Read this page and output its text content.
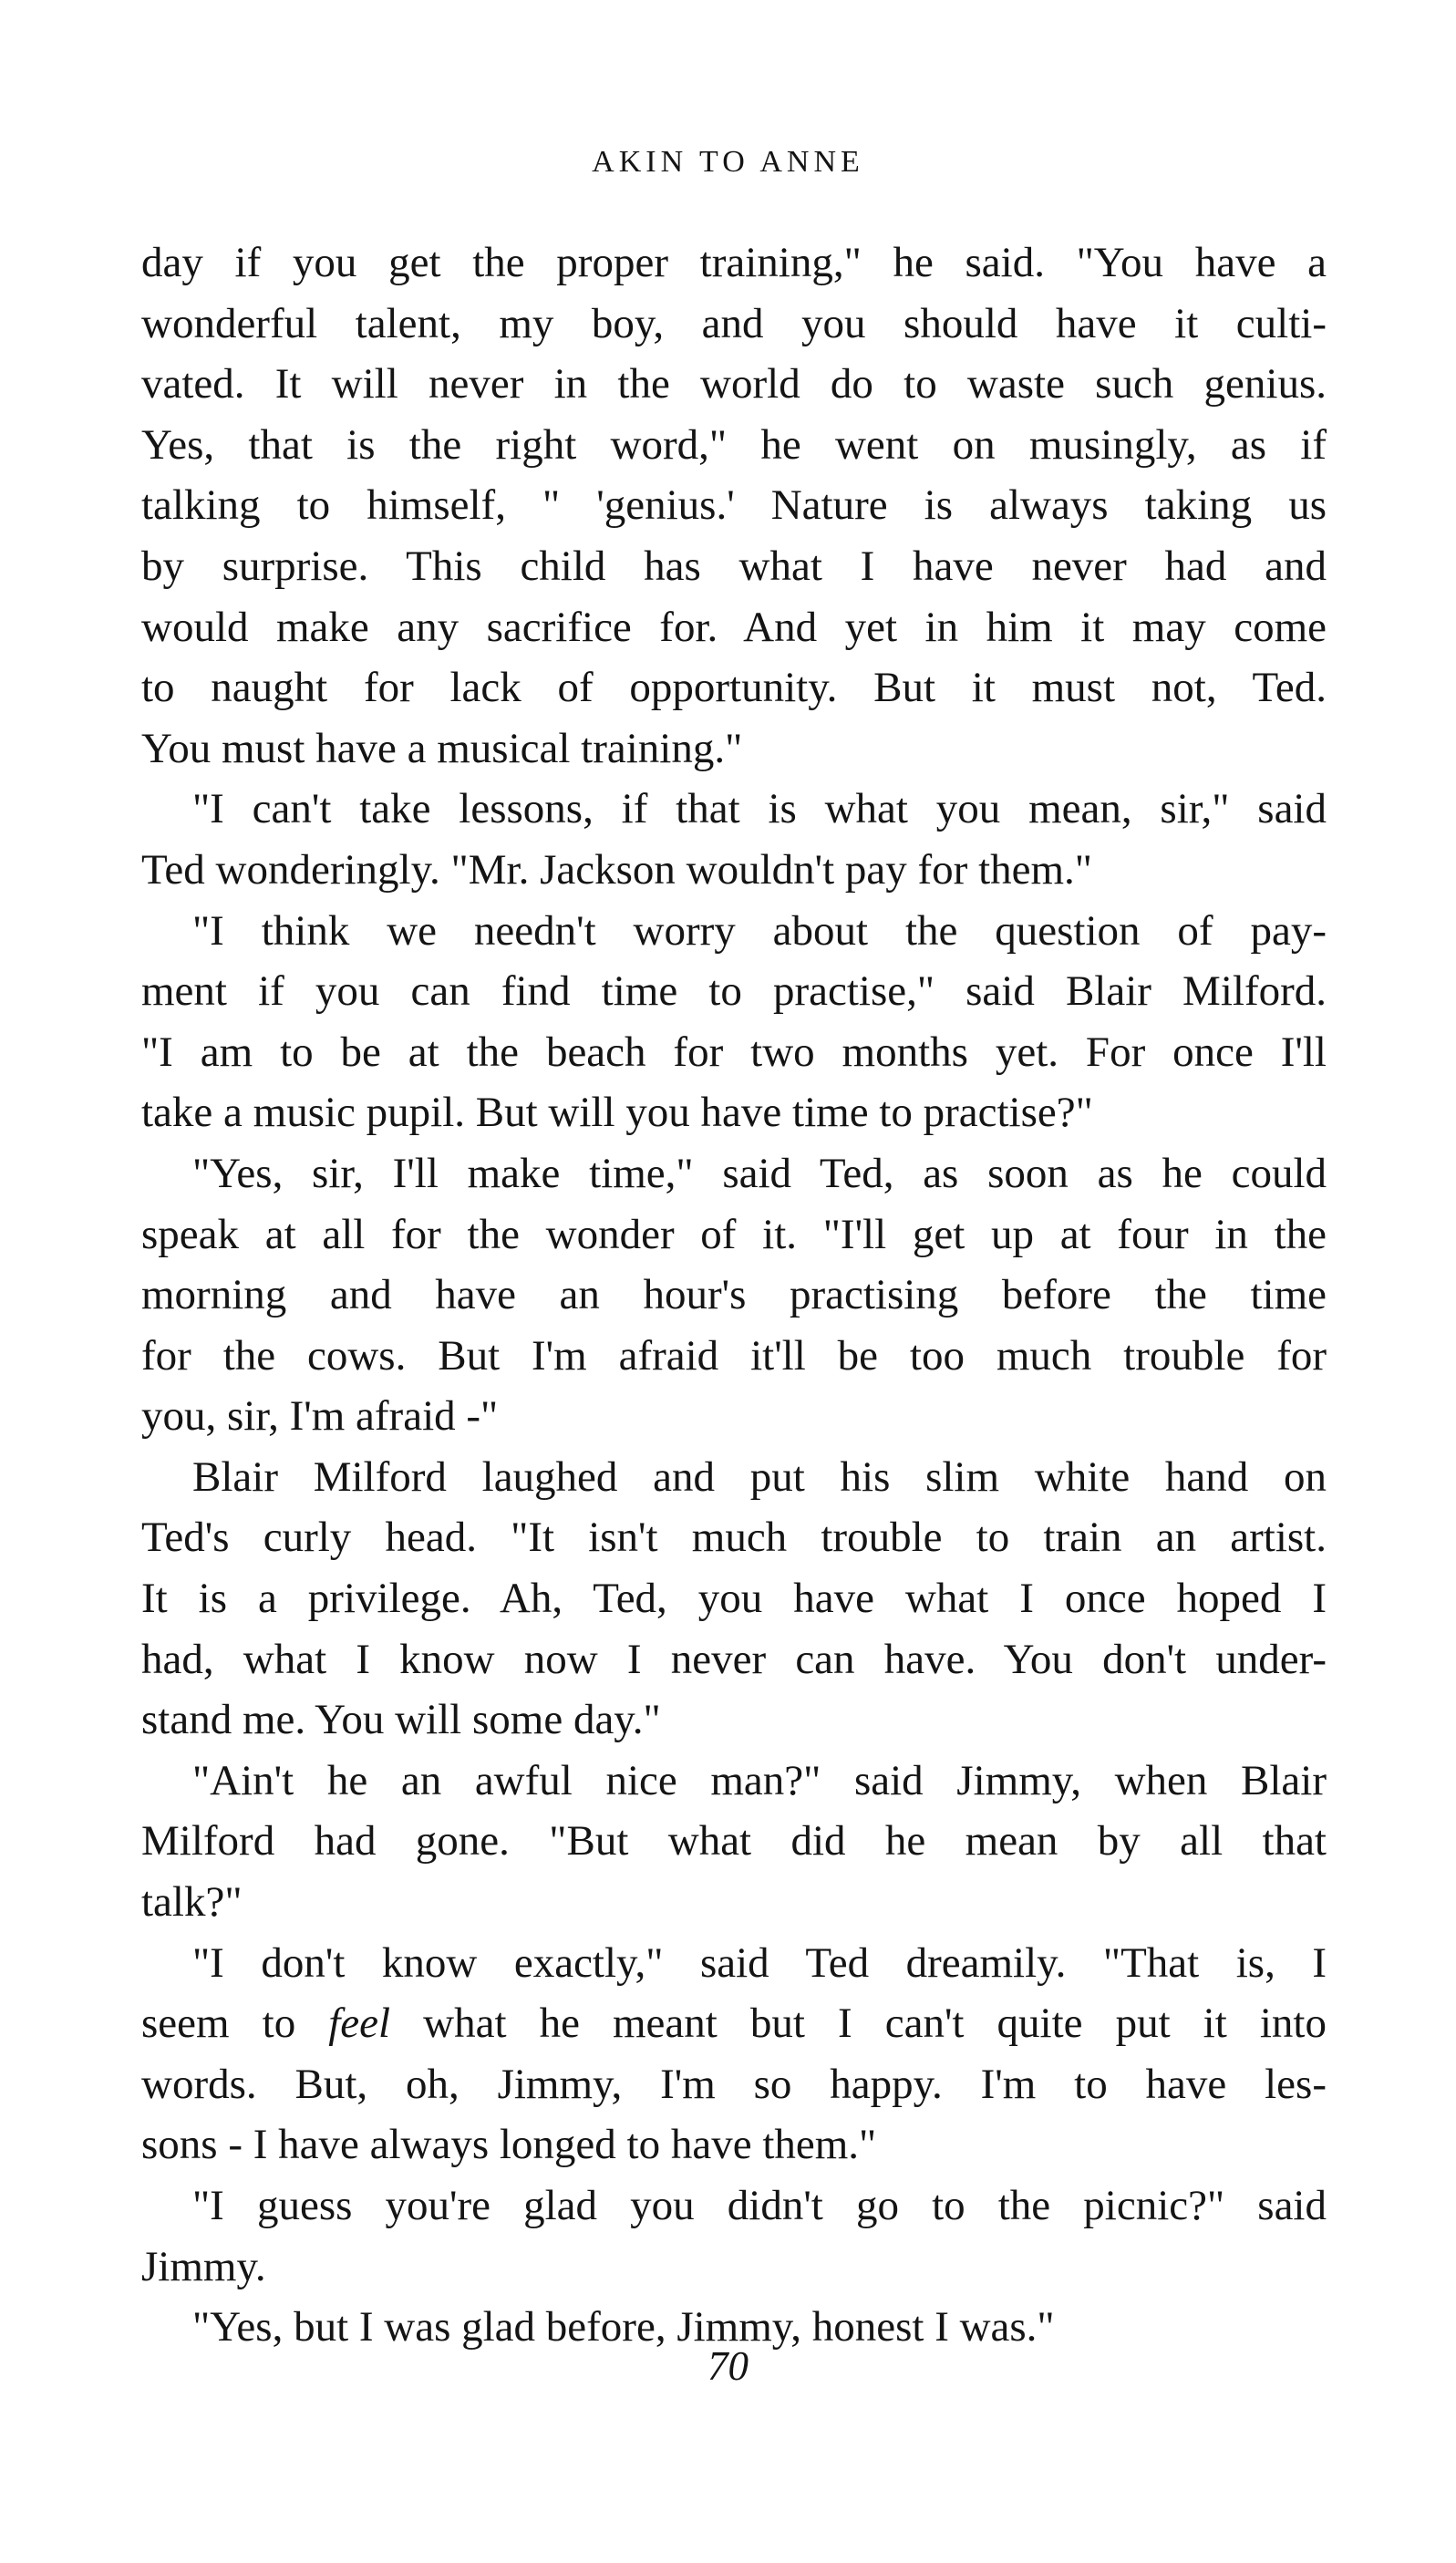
AKIN TO ANNE

day if you get the proper training," he said. "You have a
wonderful talent, my boy, and you should have it culti-
vated. It will never in the world do to waste such genius.
Yes, that is the right word," he went on musingly, as if
talking to himself, " 'genius.' Nature is always taking us
by surprise. This child has what I have never had and
would make any sacrifice for. And yet in him it may come
to naught for lack of opportunity. But it must not, Ted.
You must have a musical training."

"I can't take lessons, if that is what you mean, sir," said
Ted wonderingly. "Mr. Jackson wouldn't pay for them."

"I think we needn't worry about the question of pay-
ment if you can find time to practise," said Blair Milford.
"I am to be at the beach for two months yet. For once I'll
take a music pupil. But will you have time to practise?"

"Yes, sir, I'll make time," said Ted, as soon as he could
speak at all for the wonder of it. "I'll get up at four in the
morning and have an hour's practising before the time
for the cows. But I'm afraid it'll be too much trouble for
you, sir, I'm afraid -"

Blair Milford laughed and put his slim white hand on
Ted's curly head. "It isn't much trouble to train an artist.
It is a privilege. Ah, Ted, you have what I once hoped I
had, what I know now I never can have. You don't under-
stand me. You will some day."

"Ain't he an awful nice man?" said Jimmy, when Blair
Milford had gone. "But what did he mean by all that
talk?"

"I don't know exactly," said Ted dreamily. "That is, I
seem to feel what he meant but I can't quite put it into
words. But, oh, Jimmy, I'm so happy. I'm to have les-
sons - I have always longed to have them."

"I guess you're glad you didn't go to the picnic?" said
Jimmy.

"Yes, but I was glad before, Jimmy, honest I was."

70
